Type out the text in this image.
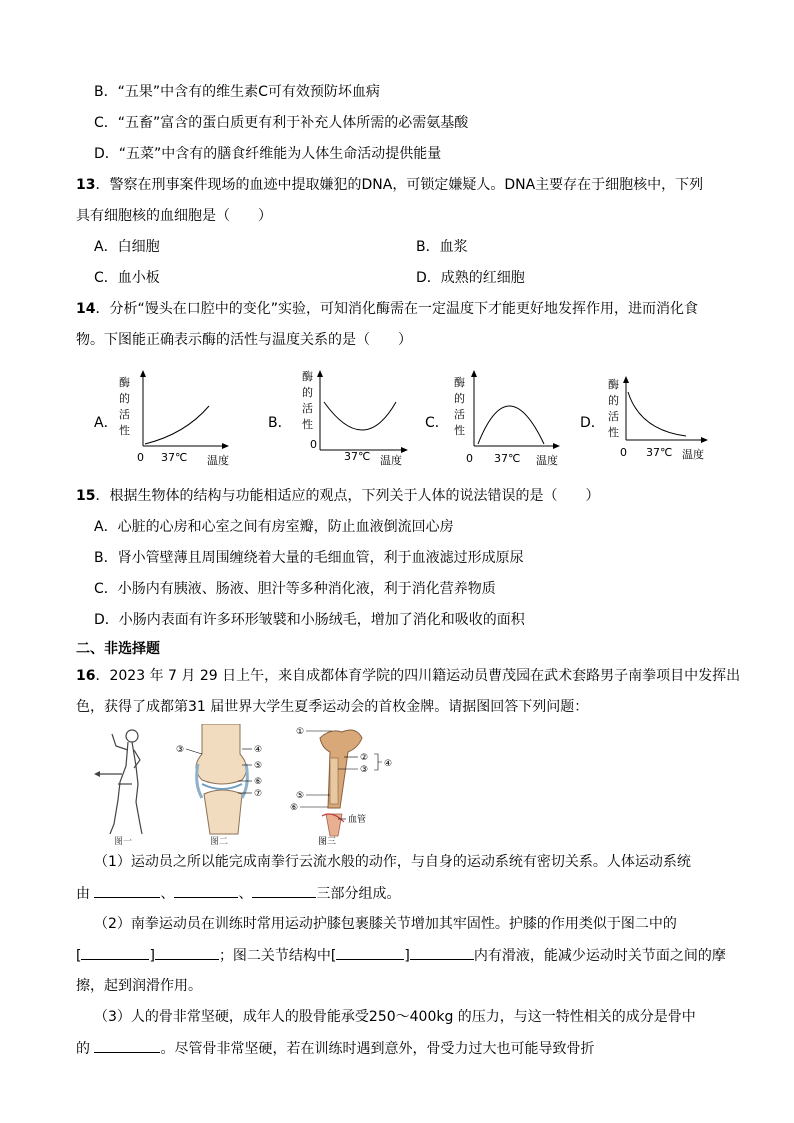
B．“五果”中含有的维生素C可有效预防坏血病
C．“五畜”富含的蛋白质更有利于补充人体所需的必需氨基酸
D．“五菜”中含有的膳食纤维能为人体生命活动提供能量
13．警察在刑事案件现场的血迹中提取嫌犯的DNA，可锁定嫌疑人。DNA主要存在于细胞核中，下列
具有细胞核的血细胞是（　　）
A．白细胞	B．血浆
C．血小板	D．成熟的红细胞
14．分析“馒头在口腔中的变化”实验，可知消化酶需在一定温度下才能更好地发挥作用，进而消化食
物。下图能正确表示酶的活性与温度关系的是（　　）
A．
酶
的
活
性
0 37℃ 温度
B．
酶
的
活
性
0
37℃ 温度
C．
酶
的
活
性
0 37℃ 温度
D．
酶
的
活
性
0 37℃ 温度
15．根据生物体的结构与功能相适应的观点，下列关于人体的说法错误的是（　　）
A．心脏的心房和心室之间有房室瓣，防止血液倒流回心房
B．肾小管壁薄且周围缠绕着大量的毛细血管，利于血液滤过形成原尿
C．小肠内有胰液、肠液、胆汁等多种消化液，利于消化营养物质
D．小肠内表面有许多环形皱襞和小肠绒毛，增加了消化和吸收的面积
二、非选择题
16．2023 年 7 月 29 日上午，来自成都体育学院的四川籍运动员曹茂园在武术套路男子南拳项目中发挥出
色，获得了成都第31 届世界大学生夏季运动会的首枚金牌。请据图回答下列问题：
图一
③	④
⑤
⑥
⑦
图二
①
②
③
④
⑤
⑥
血管
图三
（1）运动员之所以能完成南拳行云流水般的动作，与自身的运动系统有密切关系。人体运动系统
由	、	、	三部分组成。
（2）南拳运动员在训练时常用运动护膝包裹膝关节增加其牢固性。护膝的作用类似于图二中的
[	]	；图二关节结构中[	]	内有滑液，能减少运动时关节面之间的摩
擦，起到润滑作用。
（3）人的骨非常坚硬，成年人的股骨能承受250～400kg 的压力，与这一特性相关的成分是骨中
的	。尽管骨非常坚硬，若在训练时遇到意外，骨受力过大也可能导致骨折
